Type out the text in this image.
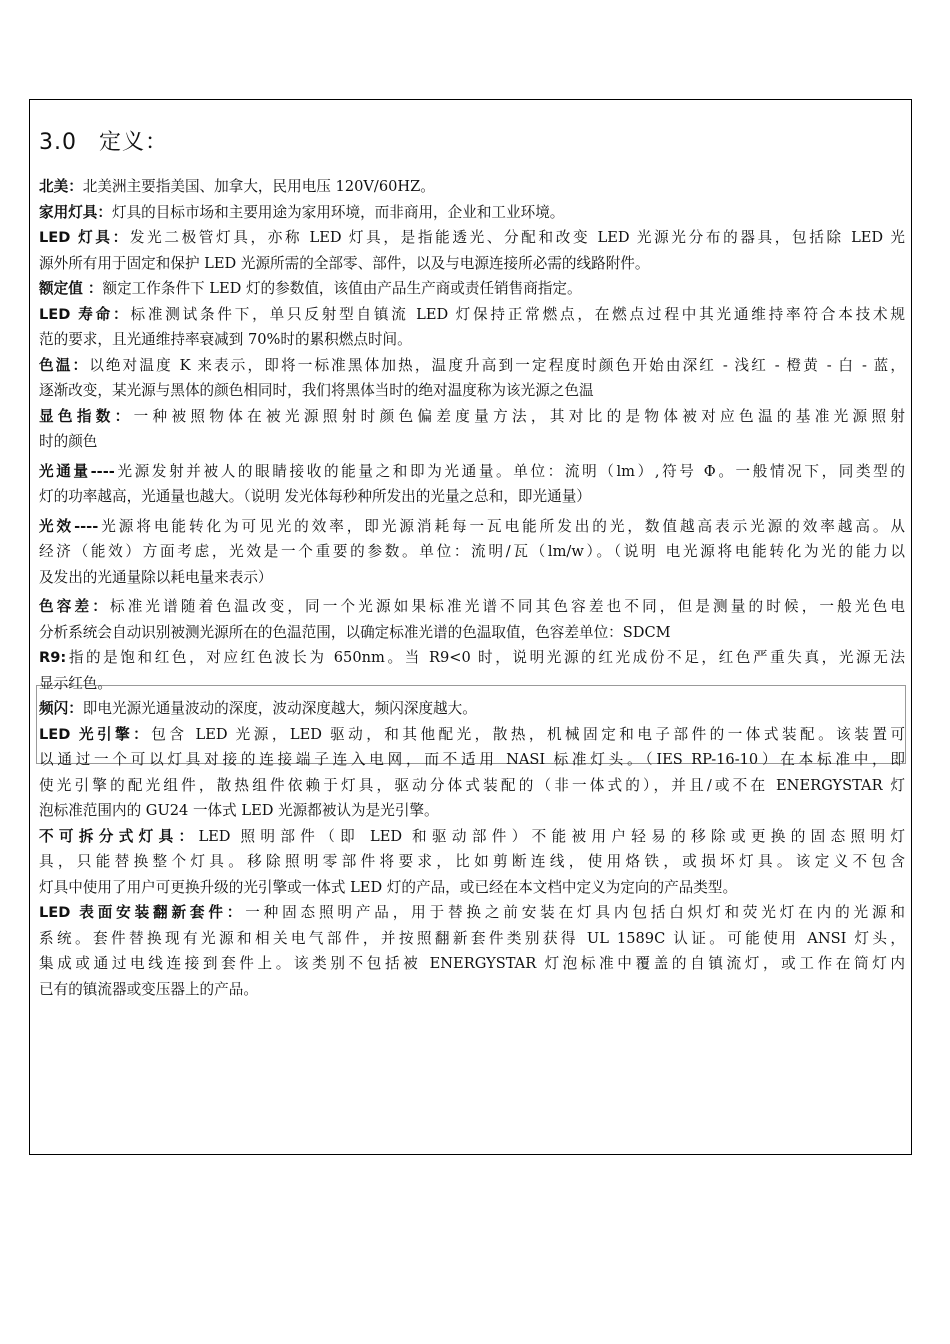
3.0 定义：
北美：北美洲主要指美国、加拿大，民用电压 120V/60HZ。
家用灯具：灯具的目标市场和主要用途为家用环境，而非商用，企业和工业环境。
LED 灯具：发光二极管灯具，亦称 LED 灯具，是指能透光、分配和改变 LED 光源光分布的器具，包括除 LED 光
源外所有用于固定和保护 LED 光源所需的全部零、部件，以及与电源连接所必需的线路附件。
额定值 ：额定工作条件下 LED 灯的参数值，该值由产品生产商或责任销售商指定。
LED 寿命：标准测试条件下，单只反射型自镇流 LED 灯保持正常燃点，在燃点过程中其光通维持率符合本技术规
范的要求，且光通维持率衰减到 70%时的累积燃点时间。
色温：以绝对温度 K 来表示，即将一标准黑体加热，温度升高到一定程度时颜色开始由深红 - 浅红 - 橙黄 - 白 - 蓝，
逐渐改变，某光源与黑体的颜色相同时，我们将黑体当时的绝对温度称为该光源之色温
显色指数：一种被照物体在被光源照射时颜色偏差度量方法，其对比的是物体被对应色温的基准光源照射
时的颜色
光通量----光源发射并被人的眼睛接收的能量之和即为光通量。单位：流明（lm）,符号 Φ。一般情况下，同类型的
灯的功率越高，光通量也越大。（说明 发光体每秒种所发出的光量之总和，即光通量）
光效----光源将电能转化为可见光的效率，即光源消耗每一瓦电能所发出的光，数值越高表示光源的效率越高。从
经济（能效）方面考虑，光效是一个重要的参数。单位：流明/瓦（lm/w）。（说明 电光源将电能转化为光的能力以
及发出的光通量除以耗电量来表示）
色容差：标准光谱随着色温改变，同一个光源如果标准光谱不同其色容差也不同，但是测量的时候，一般光色电
分析系统会自动识别被测光源所在的色温范围，以确定标准光谱的色温取值，色容差单位：SDCM
R9:指的是饱和红色，对应红色波长为 650nm。当 R9<0 时，说明光源的红光成份不足，红色严重失真，光源无法
显示红色。
频闪：即电光源光通量波动的深度，波动深度越大，频闪深度越大。
LED 光引擎：包含 LED 光源，LED 驱动，和其他配光，散热，机械固定和电子部件的一体式装配。该装置可
以通过一个可以灯具对接的连接端子连入电网，而不适用 NASI 标准灯头。（IES RP-16-10）在本标准中，即
使光引擎的配光组件，散热组件依赖于灯具，驱动分体式装配的（非一体式的），并且/或不在 ENERGYSTAR 灯
泡标准范围内的 GU24 一体式 LED 光源都被认为是光引擎。
不可拆分式灯具：LED 照明部件（即 LED 和驱动部件）不能被用户轻易的移除或更换的固态照明灯
具，只能替换整个灯具。移除照明零部件将要求，比如剪断连线，使用烙铁，或损坏灯具。该定义不包含
灯具中使用了用户可更换升级的光引擎或一体式 LED 灯的产品，或已经在本文档中定义为定向的产品类型。
LED 表面安装翻新套件：一种固态照明产品，用于替换之前安装在灯具内包括白炽灯和荧光灯在内的光源和
系统。套件替换现有光源和相关电气部件，并按照翻新套件类别获得 UL 1589C 认证。可能使用 ANSI 灯头，
集成或通过电线连接到套件上。该类别不包括被 ENERGYSTAR 灯泡标准中覆盖的自镇流灯，或工作在筒灯内
已有的镇流器或变压器上的产品。
